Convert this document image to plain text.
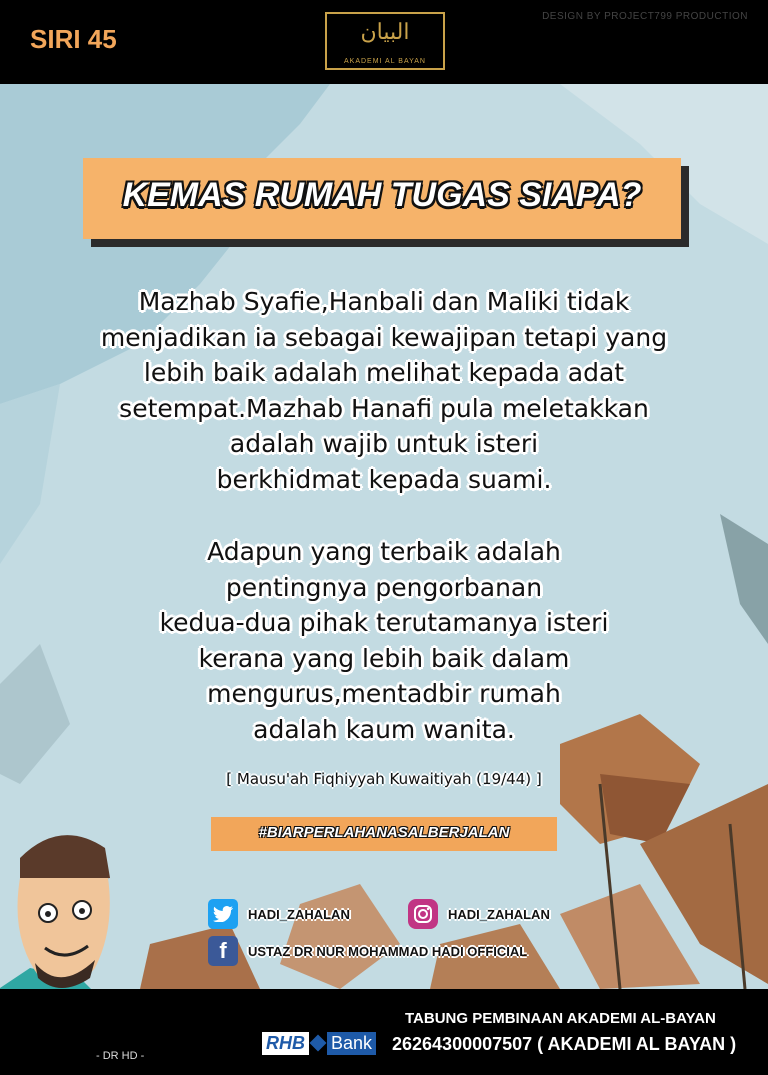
SIRI 45	البيان
AKADEMI AL BAYAN
DESIGN BY PROJECT799 PRODUCTION
KEMAS RUMAH TUGAS SIAPA?
Mazhab Syafie,Hanbali dan Maliki tidak
menjadikan ia sebagai kewajipan tetapi yang
lebih baik adalah melihat kepada adat
setempat.Mazhab Hanafi pula meletakkan
adalah wajib untuk isteri
berkhidmat kepada suami.
Adapun yang terbaik adalah
pentingnya pengorbanan
kedua-dua pihak terutamanya isteri
kerana yang lebih baik dalam
mengurus,mentadbir rumah
adalah kaum wanita.
[ Mausu'ah Fiqhiyyah Kuwaitiyah (19/44) ]
#BIARPERLAHANASALBERJALAN
HADI_ZAHALAN	HADI_ZAHALAN
f	USTAZ DR NUR MOHAMMAD HADI OFFICIAL
- DR HD -
TABUNG PEMBINAAN AKADEMI AL-BAYAN
RHB Bank 26264300007507 ( AKADEMI AL BAYAN )
